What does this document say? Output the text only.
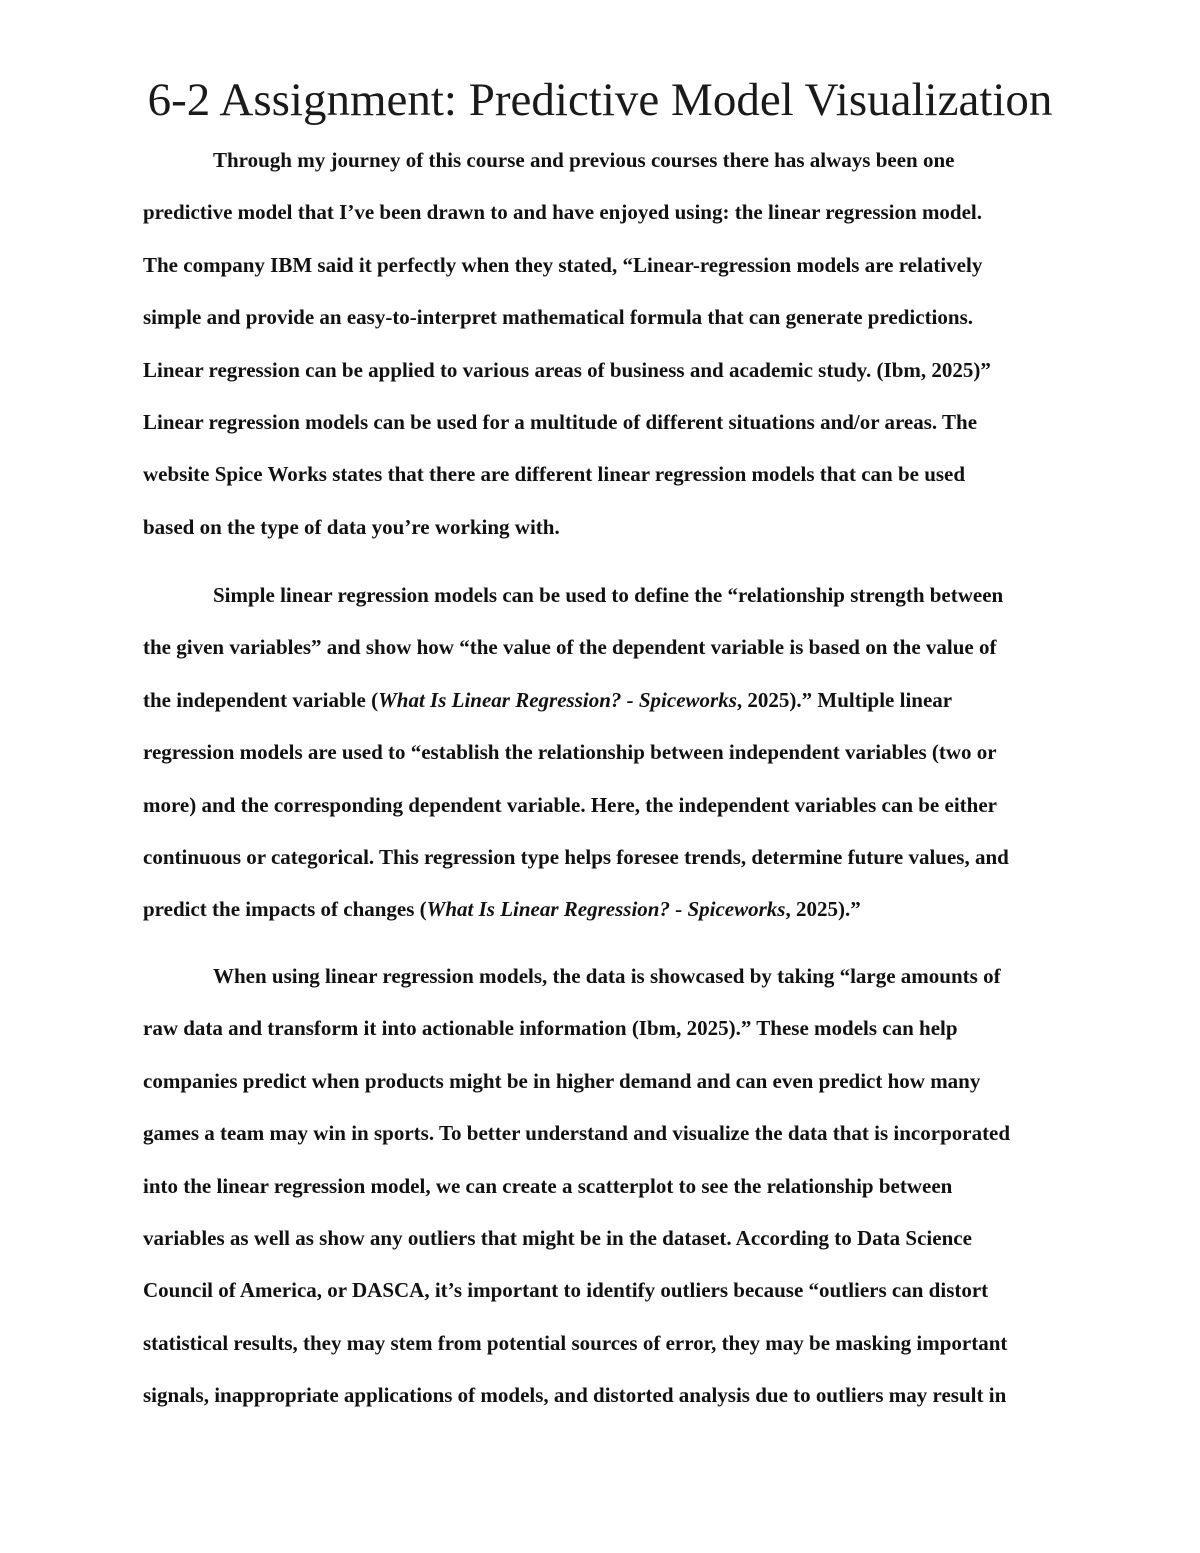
6-2 Assignment: Predictive Model Visualization
Through my journey of this course and previous courses there has always been one
predictive model that I’ve been drawn to and have enjoyed using: the linear regression model.
The company IBM said it perfectly when they stated, “Linear-regression models are relatively
simple and provide an easy-to-interpret mathematical formula that can generate predictions.
Linear regression can be applied to various areas of business and academic study. (Ibm, 2025)”
Linear regression models can be used for a multitude of different situations and/or areas. The
website Spice Works states that there are different linear regression models that can be used
based on the type of data you’re working with.
Simple linear regression models can be used to define the “relationship strength between
the given variables” and show how “the value of the dependent variable is based on the value of
the independent variable (What Is Linear Regression? - Spiceworks, 2025).” Multiple linear
regression models are used to “establish the relationship between independent variables (two or
more) and the corresponding dependent variable. Here, the independent variables can be either
continuous or categorical. This regression type helps foresee trends, determine future values, and
predict the impacts of changes (What Is Linear Regression? - Spiceworks, 2025).”
When using linear regression models, the data is showcased by taking “large amounts of
raw data and transform it into actionable information (Ibm, 2025).” These models can help
companies predict when products might be in higher demand and can even predict how many
games a team may win in sports. To better understand and visualize the data that is incorporated
into the linear regression model, we can create a scatterplot to see the relationship between
variables as well as show any outliers that might be in the dataset. According to Data Science
Council of America, or DASCA, it’s important to identify outliers because “outliers can distort
statistical results, they may stem from potential sources of error, they may be masking important
signals, inappropriate applications of models, and distorted analysis due to outliers may result in
